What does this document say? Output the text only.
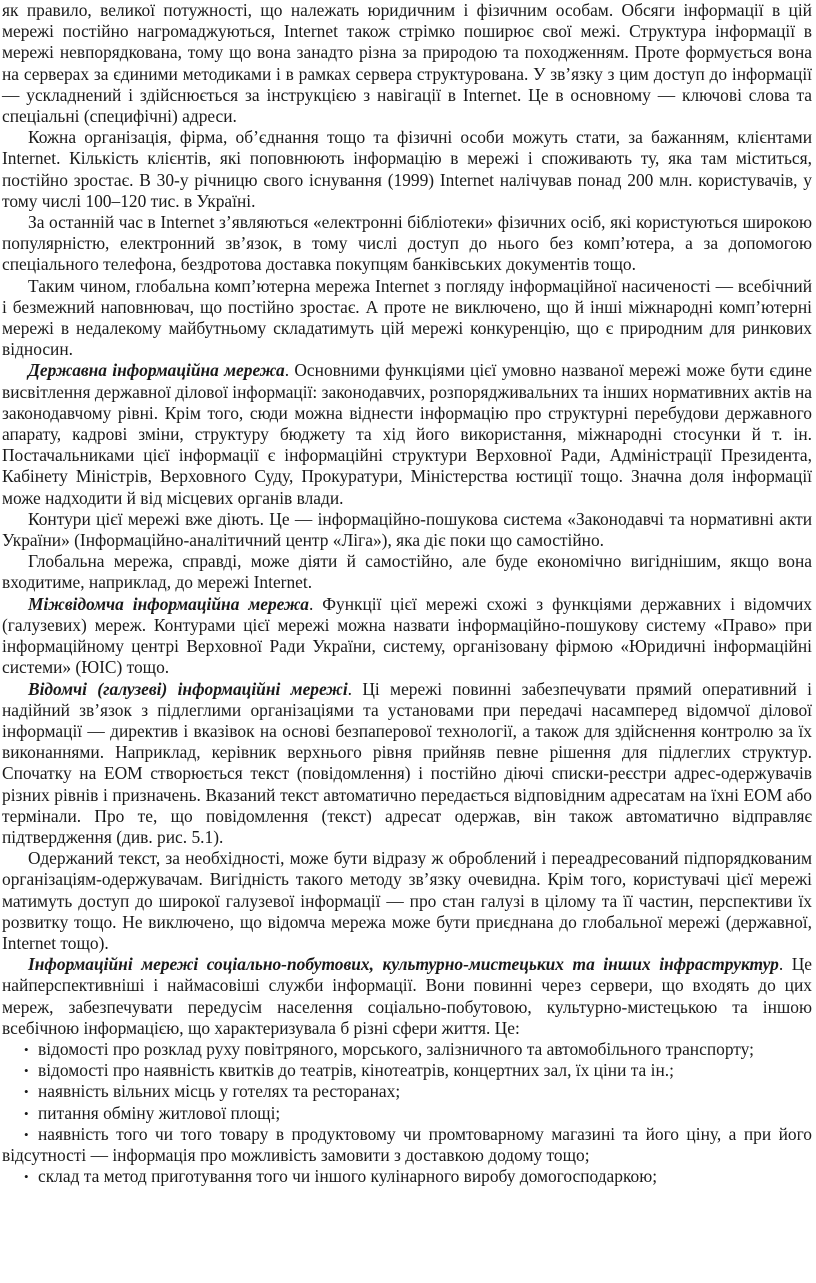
як правило, великої потужності, що належать юридичним і фізичним особам. Обсяги інформації в цій мережі постійно нагромаджуються, Internet також стрімко поширює свої межі. Структура інформації в мережі невпорядкована, тому що вона занадто різна за природою та походженням. Проте формується вона на серверах за єдиними методиками і в рамках сервера структурована. У зв’язку з цим доступ до інформації — ускладнений і здійснюється за інструкцією з навігації в Internet. Це в основному — ключові слова та спеціальні (специфічні) адреси.

Кожна організація, фірма, об’єднання тощо та фізичні особи можуть стати, за бажанням, клієнтами Internet. Кількість клієнтів, які поповнюють інформацію в мережі і споживають ту, яка там міститься, постійно зростає. В 30-у річницю свого існування (1999) Internet налічував понад 200 млн. користувачів, у тому числі 100–120 тис. в Україні.

За останній час в Internet з’являються «електронні бібліотеки» фізичних осіб, які користуються широкою популярністю, електронний зв’язок, в тому числі доступ до нього без комп’ютера, а за допомогою спеціального телефона, бездротова доставка покупцям банківських документів тощо.

Таким чином, глобальна комп’ютерна мережа Internet з погляду інформаційної насиченості — всебічний і безмежний наповнювач, що постійно зростає. А проте не виключено, що й інші міжнародні комп’ютерні мережі в недалекому майбутньому складатимуть цій мережі конкуренцію, що є природним для ринкових відносин.

Державна інформаційна мережа. Основними функціями цієї умовно названої мережі може бути єдине висвітлення державної ділової інформації: законодавчих, розпорядживальних та інших нормативних актів на законодавчому рівні. Крім того, сюди можна віднести інформацію про структурні перебудови державного апарату, кадрові зміни, структуру бюджету та хід його використання, міжнародні стосунки й т. ін. Постачальниками цієї інформації є інформаційні структури Верховної Ради, Адміністрації Президента, Кабінету Міністрів, Верховного Суду, Прокуратури, Міністерства юстиції тощо. Значна доля інформації може надходити й від місцевих органів влади.

Контури цієї мережі вже діють. Це — інформаційно-пошукова система «Законодавчі та нормативні акти України» (Інформаційно-аналітичний центр «Ліга»), яка діє поки що самостійно.

Глобальна мережа, справді, може діяти й самостійно, але буде економічно вигіднішим, якщо вона входитиме, наприклад, до мережі Internet.

Міжвідомча інформаційна мережа. Функції цієї мережі схожі з функціями державних і відомчих (галузевих) мереж. Контурами цієї мережі можна назвати інформаційно-пошукову систему «Право» при інформаційному центрі Верховної Ради України, систему, організовану фірмою «Юридичні інформаційні системи» (ЮІС) тощо.

Відомчі (галузеві) інформаційні мережі. Ці мережі повинні забезпечувати прямий оперативний і надійний зв’язок з підлеглими організаціями та установами при передачі насамперед відомчої ділової інформації — директив і вказівок на основі безпаперової технології, а також для здійснення контролю за їх виконаннями. Наприклад, керівник верхнього рівня прийняв певне рішення для підлеглих структур. Спочатку на ЕОМ створюється текст (повідомлення) і постійно діючі списки-реєстри адрес-одержувачів різних рівнів і призначень. Вказаний текст автоматично передається відповідним адресатам на їхні ЕОМ або термінали. Про те, що повідомлення (текст) адресат одержав, він також автоматично відправляє підтвердження (див. рис. 5.1).

Одержаний текст, за необхідності, може бути відразу ж оброблений і переадресований підпорядкованим організаціям-одержувачам. Вигідність такого методу зв’язку очевидна. Крім того, користувачі цієї мережі матимуть доступ до широкої галузевої інформації — про стан галузі в цілому та її частин, перспективи їх розвитку тощо. Не виключено, що відомча мережа може бути приєднана до глобальної мережі (державної, Internet тощо).

Інформаційні мережі соціально-побутових, культурно-мистецьких та інших інфраструктур. Це найперспективніші і наймасовіші служби інформації. Вони повинні через сервери, що входять до цих мереж, забезпечувати передусім населення соціально-побутовою, культурно-мистецькою та іншою всебічною інформацією, що характеризувала б різні сфери життя. Це:

• відомості про розклад руху повітряного, морського, залізничного та автомобільного транспорту;
• відомості про наявність квитків до театрів, кінотеатрів, концертних зал, їх ціни та ін.;
• наявність вільних місць у готелях та ресторанах;
• питання обміну житлової площі;
• наявність того чи того товару в продуктовому чи промтоварному магазині та його ціну, а при його відсутності — інформація про можливість замовити з доставкою додому тощо;
• склад та метод приготування того чи іншого кулінарного виробу домогосподаркою;
